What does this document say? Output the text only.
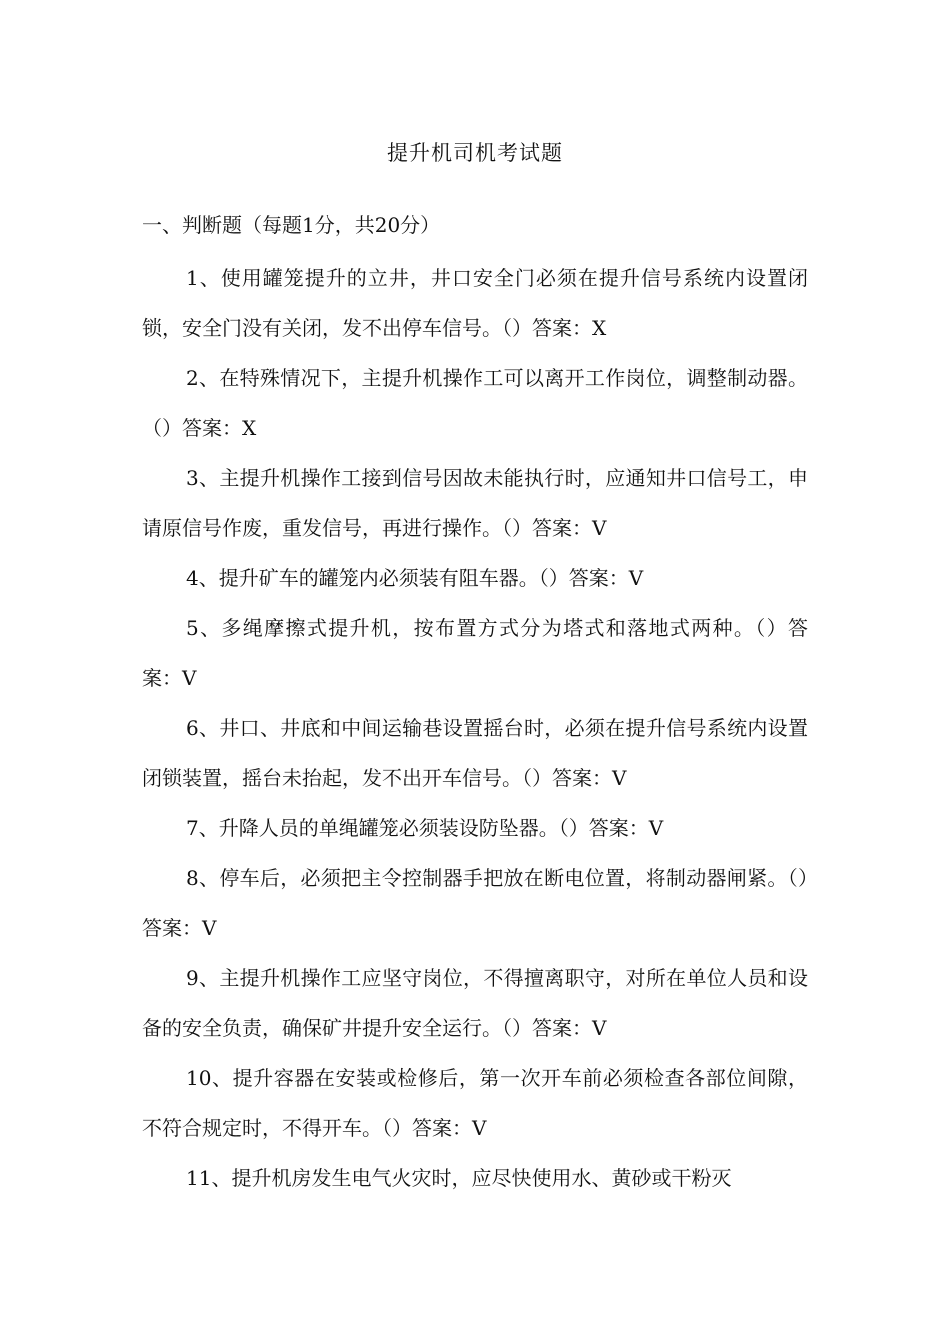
提升机司机考试题
一、判断题（每题1分，共20分）
1、使用罐笼提升的立井，井口安全门必须在提升信号系统内设置闭锁，安全门没有关闭，发不出停车信号。（）答案：X
2、在特殊情况下，主提升机操作工可以离开工作岗位，调整制动器。（）答案：X
3、主提升机操作工接到信号因故未能执行时，应通知井口信号工，申请原信号作废，重发信号，再进行操作。（）答案：V
4、提升矿车的罐笼内必须装有阻车器。（）答案：V
5、多绳摩擦式提升机，按布置方式分为塔式和落地式两种。（）答案：V
6、井口、井底和中间运输巷设置摇台时，必须在提升信号系统内设置闭锁装置，摇台未抬起，发不出开车信号。（）答案：V
7、升降人员的单绳罐笼必须装设防坠器。（）答案：V
8、停车后，必须把主令控制器手把放在断电位置，将制动器闸紧。（）答案：V
9、主提升机操作工应坚守岗位，不得擅离职守，对所在单位人员和设备的安全负责，确保矿井提升安全运行。（）答案：V
10、提升容器在安装或检修后，第一次开车前必须检查各部位间隙，不符合规定时，不得开车。（）答案：V
11、提升机房发生电气火灾时，应尽快使用水、黄砂或干粉灭
